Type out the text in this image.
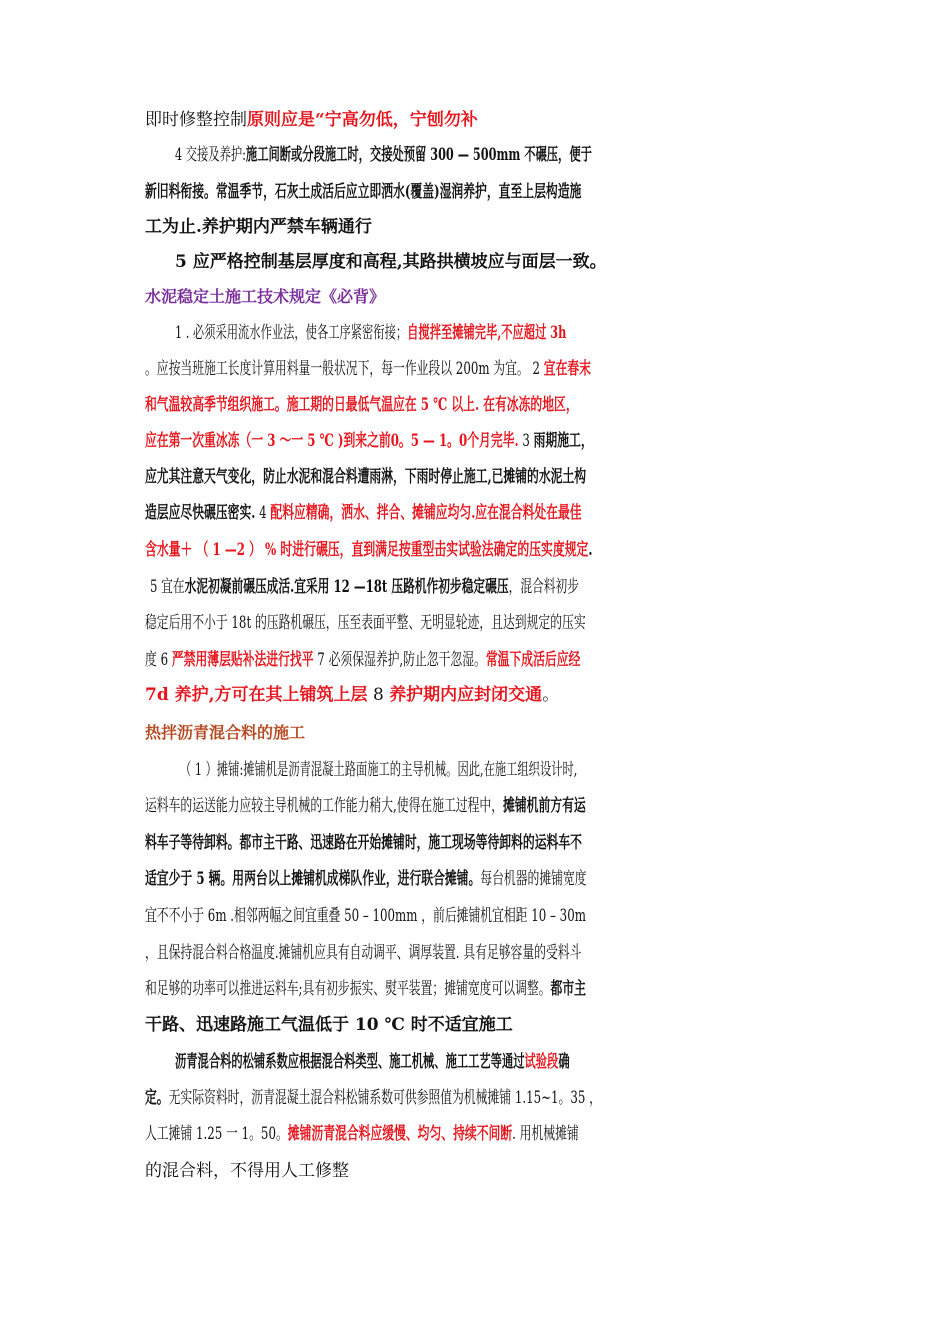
即时修整控制原则应是“宁高勿低，宁刨勿补
4 交接及养护:施工间断或分段施工时，交接处预留 300 — 500mm 不碾压，便于
新旧料衔接。常温季节，石灰土成活后应立即洒水(覆盖)湿润养护，直至上层构造施
工为止.养护期内严禁车辆通行
5 应严格控制基层厚度和高程,其路拱横坡应与面层一致。
水泥稳定土施工技术规定《必背》
1 . 必须采用流水作业法，使各工序紧密衔接；自搅拌至摊铺完毕,不应超过 3h
。应按当班施工长度计算用料量一般状况下，每一作业段以 200m 为宜。 2 宜在春末
和气温较高季节组织施工。施工期的日最低气温应在 5 ℃ 以上. 在有冰冻的地区，
应在第一次重冰冻（一 3 ～一 5 ℃ )到来之前0。5 — 1。0个月完毕. 3 雨期施工，
应尤其注意天气变化，防止水泥和混合料遭雨淋，下雨时停止施工,已摊铺的水泥土构
造层应尽快碾压密实. 4 配料应精确，洒水、拌合、摊铺应均匀.应在混合料处在最佳
含水量＋ （ 1 —2 ） % 时进行碾压，直到满足按重型击实试验法确定的压实度规定.
5 宜在水泥初凝前碾压成活.宜采用 12 —18t 压路机作初步稳定碾压，混合料初步
稳定后用不小于 18t 的压路机碾压，压至表面平整、无明显轮迹，且达到规定的压实
度 6 严禁用薄层贴补法进行找平 7 必须保湿养护,防止忽干忽湿。常温下成活后应经
7d 养护,方可在其上铺筑上层 8 养护期内应封闭交通。
热拌沥青混合料的施工
（ 1 ）摊铺:摊铺机是沥青混凝土路面施工的主导机械。因此,在施工组织设计时,
运料车的运送能力应较主导机械的工作能力稍大,使得在施工过程中，摊铺机前方有运
料车子等待卸料。都市主干路、迅速路在开始摊铺时，施工现场等待卸料的运料车不
适宜少于 5 辆。用两台以上摊铺机成梯队作业，进行联合摊铺。每台机器的摊铺宽度
宜不不小于 6m .相邻两幅之间宜重叠 50 – 100mm ，前后摊铺机宜相距 10 – 30m
，且保持混合料合格温度.摊铺机应具有自动调平、调厚装置. 具有足够容量的受料斗
和足够的功率可以推进运料车;具有初步振实、熨平装置；摊铺宽度可以调整。都市主
干路、迅速路施工气温低于 10 ℃ 时不适宜施工
沥青混合料的松铺系数应根据混合料类型、施工机械、施工工艺等通过试验段确
定。无实际资料时，沥青混凝土混合料松铺系数可供参照值为机械摊铺 1.15~1。35 ，
人工摊铺 1.25 一 1。50。摊铺沥青混合料应缓慢、均匀、持续不间断. 用机械摊铺
的混合料，不得用人工修整
